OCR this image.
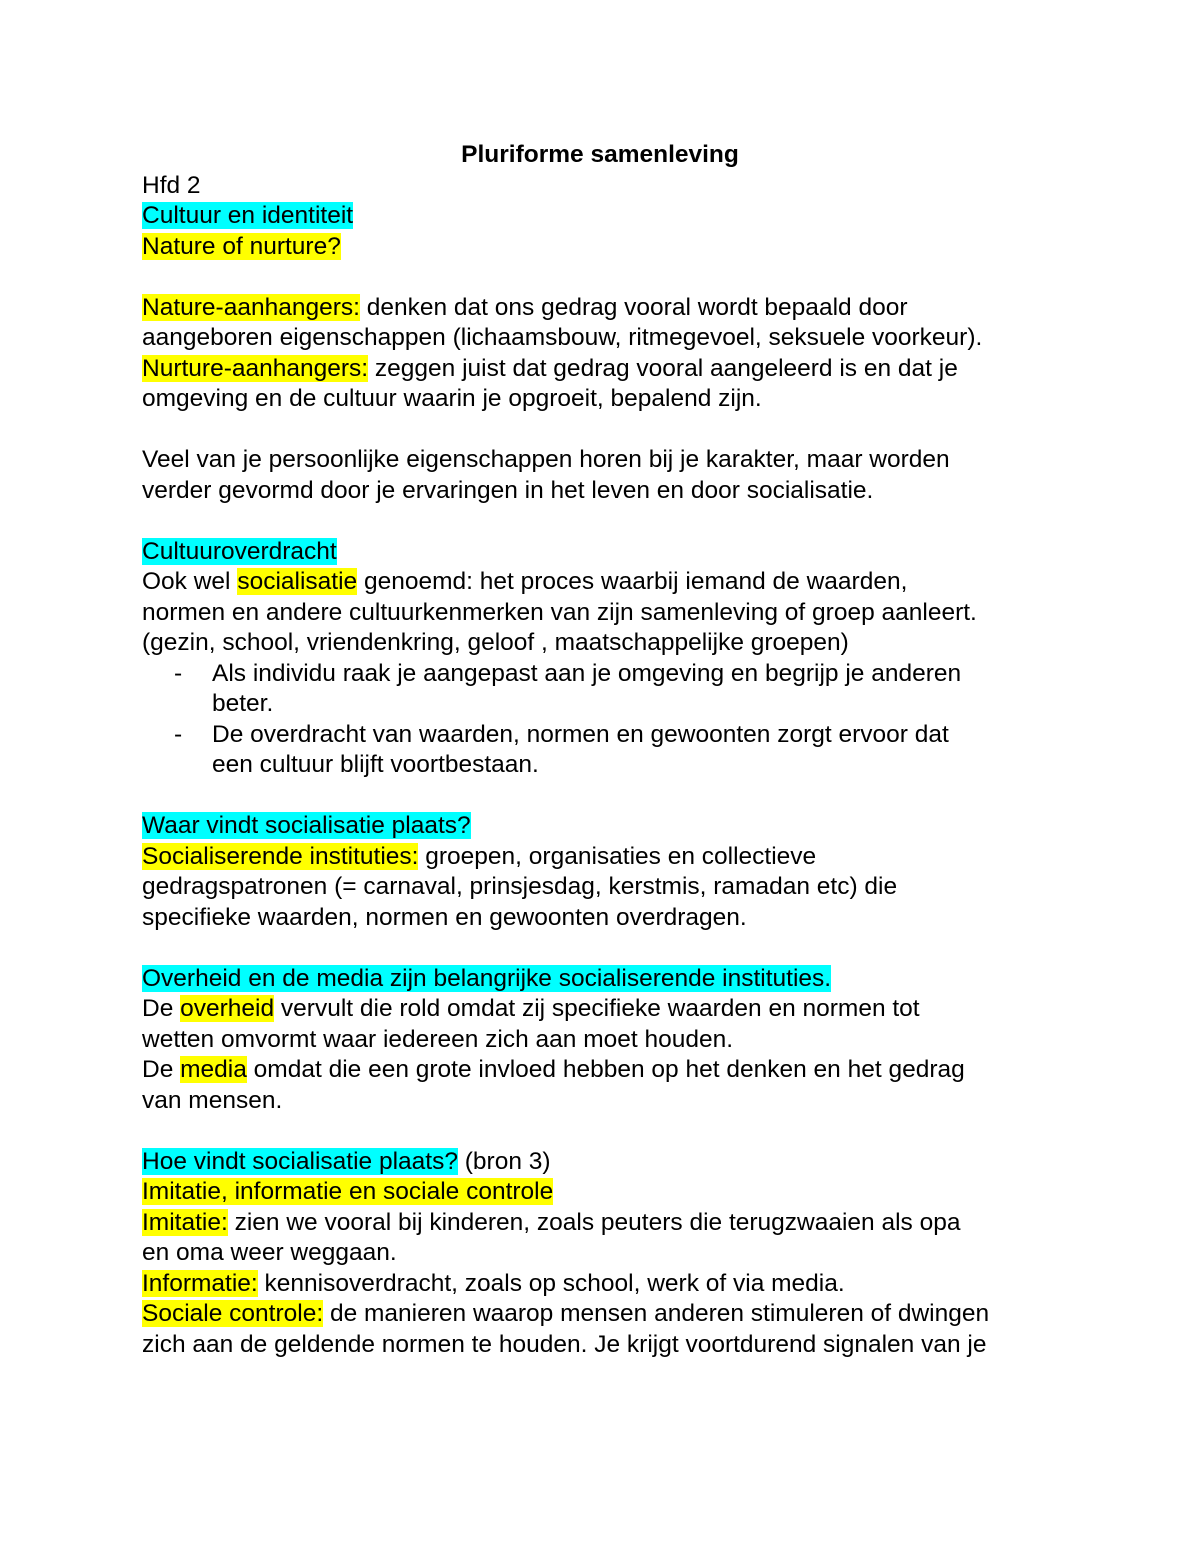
Pluriforme samenleving
Hfd 2
Cultuur en identiteit
Nature of nurture?
Nature-aanhangers: denken dat ons gedrag vooral wordt bepaald door
aangeboren eigenschappen (lichaamsbouw, ritmegevoel, seksuele voorkeur).
Nurture-aanhangers: zeggen juist dat gedrag vooral aangeleerd is en dat je
omgeving en de cultuur waarin je opgroeit, bepalend zijn.
Veel van je persoonlijke eigenschappen horen bij je karakter, maar worden
verder gevormd door je ervaringen in het leven en door socialisatie.
Cultuuroverdracht
Ook wel socialisatie genoemd: het proces waarbij iemand de waarden,
normen en andere cultuurkenmerken van zijn samenleving of groep aanleert.
(gezin, school, vriendenkring, geloof , maatschappelijke groepen)
- Als individu raak je aangepast aan je omgeving en begrijp je anderen
beter.
- De overdracht van waarden, normen en gewoonten zorgt ervoor dat
een cultuur blijft voortbestaan.
Waar vindt socialisatie plaats?
Socialiserende instituties: groepen, organisaties en collectieve
gedragspatronen (= carnaval, prinsjesdag, kerstmis, ramadan etc) die
specifieke waarden, normen en gewoonten overdragen.
Overheid en de media zijn belangrijke socialiserende instituties.
De overheid vervult die rold omdat zij specifieke waarden en normen tot
wetten omvormt waar iedereen zich aan moet houden.
De media omdat die een grote invloed hebben op het denken en het gedrag
van mensen.
Hoe vindt socialisatie plaats? (bron 3)
Imitatie, informatie en sociale controle
Imitatie: zien we vooral bij kinderen, zoals peuters die terugzwaaien als opa
en oma weer weggaan.
Informatie: kennisoverdracht, zoals op school, werk of via media.
Sociale controle: de manieren waarop mensen anderen stimuleren of dwingen
zich aan de geldende normen te houden. Je krijgt voortdurend signalen van je
